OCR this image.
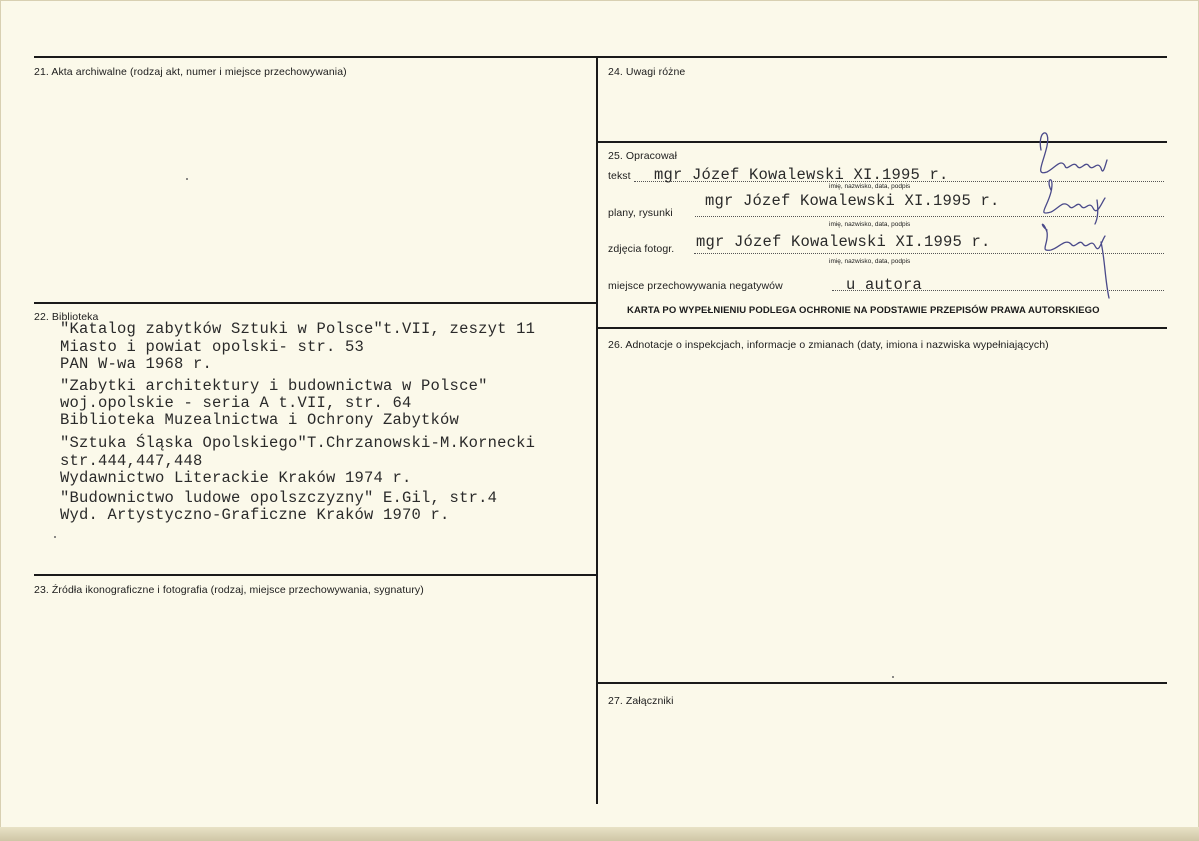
21. Akta archiwalne (rodzaj akt, numer i miejsce przechowywania)
22. Biblioteka
"Katalog zabytków Sztuki w Polsce"t.VII, zeszyt 11
Miasto i powiat opolski- str. 53
PAN W-wa 1968 r.
"Zabytki architektury i budownictwa w Polsce"
woj.opolskie - seria A t.VII, str. 64
Biblioteka Muzealnictwa i Ochrony Zabytków
"Sztuka Śląska Opolskiego"T.Chrzanowski-M.Kornecki
str.444,447,448
Wydawnictwo Literackie Kraków 1974 r.
"Budownictwo ludowe opolszczyzny" E.Gil, str.4
Wyd. Artystyczno-Graficzne Kraków 1970 r.
23. Źródła ikonograficzne i fotografia (rodzaj, miejsce przechowywania, sygnatury)
24. Uwagi różne
25. Opracował
tekst mgr Józef Kowalewski XI.1995 r.
imię, nazwisko, data, podpis
plany, rysunki
mgr Józef Kowalewski XI.1995 r.
imię, nazwisko, data, podpis
zdjęcia fotogr. mgr Józef Kowalewski XI.1995 r.
imię, nazwisko, data, podpis
miejsce przechowywania negatywów	u autora
KARTA PO WYPEŁNIENIU PODLEGA OCHRONIE NA PODSTAWIE PRZEPISÓW PRAWA AUTORSKIEGO
26. Adnotacje o inspekcjach, informacje o zmianach (daty, imiona i nazwiska wypełniających)
27. Załączniki
